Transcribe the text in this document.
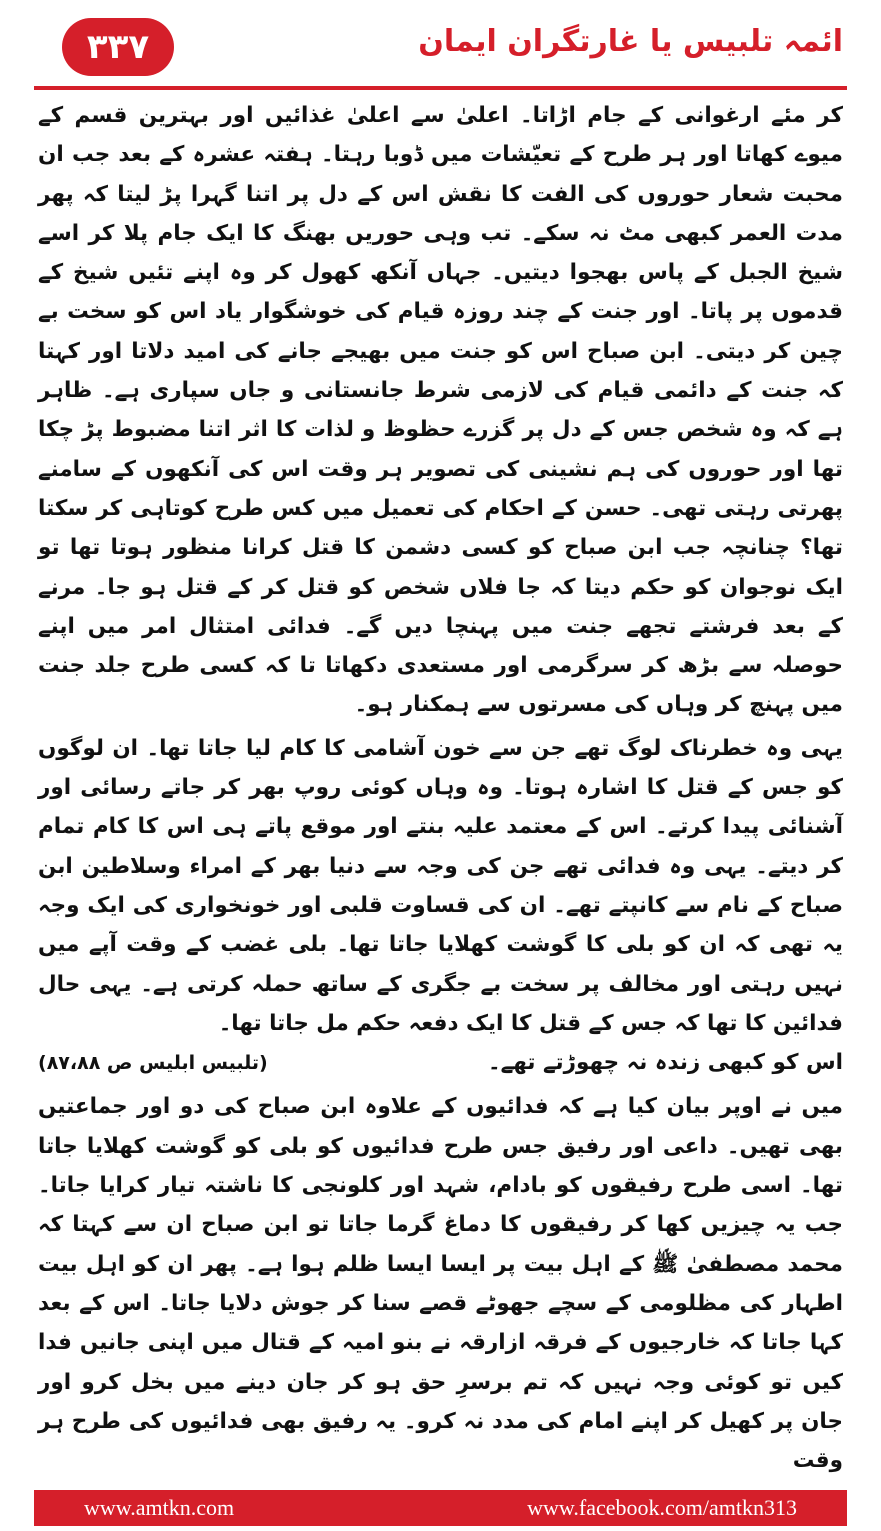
۳۳۷	ائمہ تلبیس یا غارتگران ایمان

کر مئے ارغوانی کے جام اڑاتا۔ اعلیٰ سے اعلیٰ غذائیں اور بہترین قسم کے میوے کھاتا اور ہر طرح کے تعیّشات میں ڈوبا رہتا۔ ہفتہ عشرہ کے بعد جب ان محبت شعار حوروں کی الفت کا نقش اس کے دل پر اتنا گہرا پڑ لیتا کہ پھر مدت العمر کبھی مٹ نہ سکے۔ تب وہی حوریں بھنگ کا ایک جام پلا کر اسے شیخ الجبل کے پاس بھجوا دیتیں۔ جہاں آنکھ کھول کر وہ اپنے تئیں شیخ کے قدموں پر پاتا۔ اور جنت کے چند روزہ قیام کی خوشگوار یاد اس کو سخت بے چین کر دیتی۔ ابن صباح اس کو جنت میں بھیجے جانے کی امید دلاتا اور کہتا کہ جنت کے دائمی قیام کی لازمی شرط جانستانی و جاں سپاری ہے۔ ظاہر ہے کہ وہ شخص جس کے دل پر گزرے حظوظ و لذات کا اثر اتنا مضبوط پڑ چکا تھا اور حوروں کی ہم نشینی کی تصویر ہر وقت اس کی آنکھوں کے سامنے پھرتی رہتی تھی۔ حسن کے احکام کی تعمیل میں کس طرح کوتاہی کر سکتا تھا؟ چنانچہ جب ابن صباح کو کسی دشمن کا قتل کرانا منظور ہوتا تھا تو ایک نوجوان کو حکم دیتا کہ جا فلاں شخص کو قتل کر کے قتل ہو جا۔ مرنے کے بعد فرشتے تجھے جنت میں پہنچا دیں گے۔ فدائی امتثال امر میں اپنے حوصلہ سے بڑھ کر سرگرمی اور مستعدی دکھاتا تا کہ کسی طرح جلد جنت میں پہنچ کر وہاں کی مسرتوں سے ہمکنار ہو۔

یہی وہ خطرناک لوگ تھے جن سے خون آشامی کا کام لیا جاتا تھا۔ ان لوگوں کو جس کے قتل کا اشارہ ہوتا۔ وہ وہاں کوئی روپ بھر کر جاتے رسائی اور آشنائی پیدا کرتے۔ اس کے معتمد علیہ بنتے اور موقع پاتے ہی اس کا کام تمام کر دیتے۔ یہی وہ فدائی تھے جن کی وجہ سے دنیا بھر کے امراء وسلاطین ابن صباح کے نام سے کانپتے تھے۔ ان کی قساوت قلبی اور خونخواری کی ایک وجہ یہ تھی کہ ان کو بلی کا گوشت کھلایا جاتا تھا۔ بلی غضب کے وقت آپے میں نہیں رہتی اور مخالف پر سخت بے جگری کے ساتھ حملہ کرتی ہے۔ یہی حال فدائین کا تھا کہ جس کے قتل کا ایک دفعہ حکم مل جاتا تھا۔

اس کو کبھی زندہ نہ چھوڑتے تھے۔
(تلبیس ابلیس ص ۸۷،۸۸)

میں نے اوپر بیان کیا ہے کہ فدائیوں کے علاوہ ابن صباح کی دو اور جماعتیں بھی تھیں۔ داعی اور رفیق جس طرح فدائیوں کو بلی کو گوشت کھلایا جاتا تھا۔ اسی طرح رفیقوں کو بادام، شہد اور کلونجی کا ناشتہ تیار کرایا جاتا۔ جب یہ چیزیں کھا کر رفیقوں کا دماغ گرما جاتا تو ابن صباح ان سے کہتا کہ محمد مصطفیٰ ﷺ کے اہل بیت پر ایسا ایسا ظلم ہوا ہے۔ پھر ان کو اہل بیت اطہار کی مظلومی کے سچے جھوٹے قصے سنا کر جوش دلایا جاتا۔ اس کے بعد کہا جاتا کہ خارجیوں کے فرقہ ازارقہ نے بنو امیہ کے قتال میں اپنی جانیں فدا کیں تو کوئی وجہ نہیں کہ تم برسرِ حق ہو کر جان دینے میں بخل کرو اور جان پر کھیل کر اپنے امام کی مدد نہ کرو۔ یہ رفیق بھی فدائیوں کی طرح ہر وقت

www.amtkn.com	www.facebook.com/amtkn313
